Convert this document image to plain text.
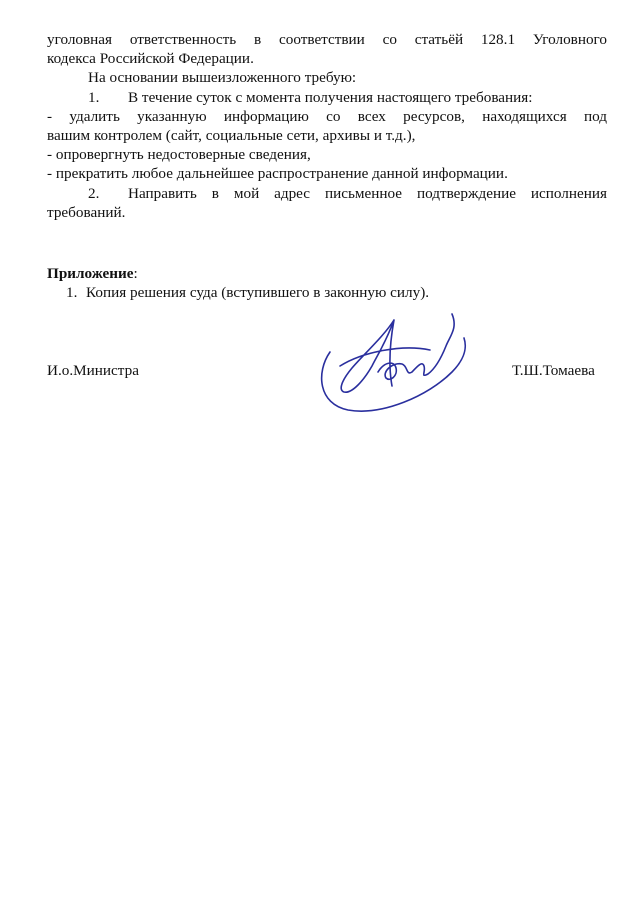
уголовная ответственность в соответствии со статьёй 128.1 Уголовного
кодекса Российской Федерации.
На основании вышеизложенного требую:
1.	В течение суток с момента получения настоящего требования:
- удалить указанную информацию со всех ресурсов, находящихся под
вашим контролем (сайт, социальные сети, архивы и т.д.),
- опровергнуть недостоверные сведения,
- прекратить любое дальнейшее распространение данной информации.
2.	Направить в мой адрес письменное подтверждение исполнения
требований.
Приложение:
1. Копия решения суда (вступившего в законную силу).
И.о.Министра	Т.Ш.Томаева
